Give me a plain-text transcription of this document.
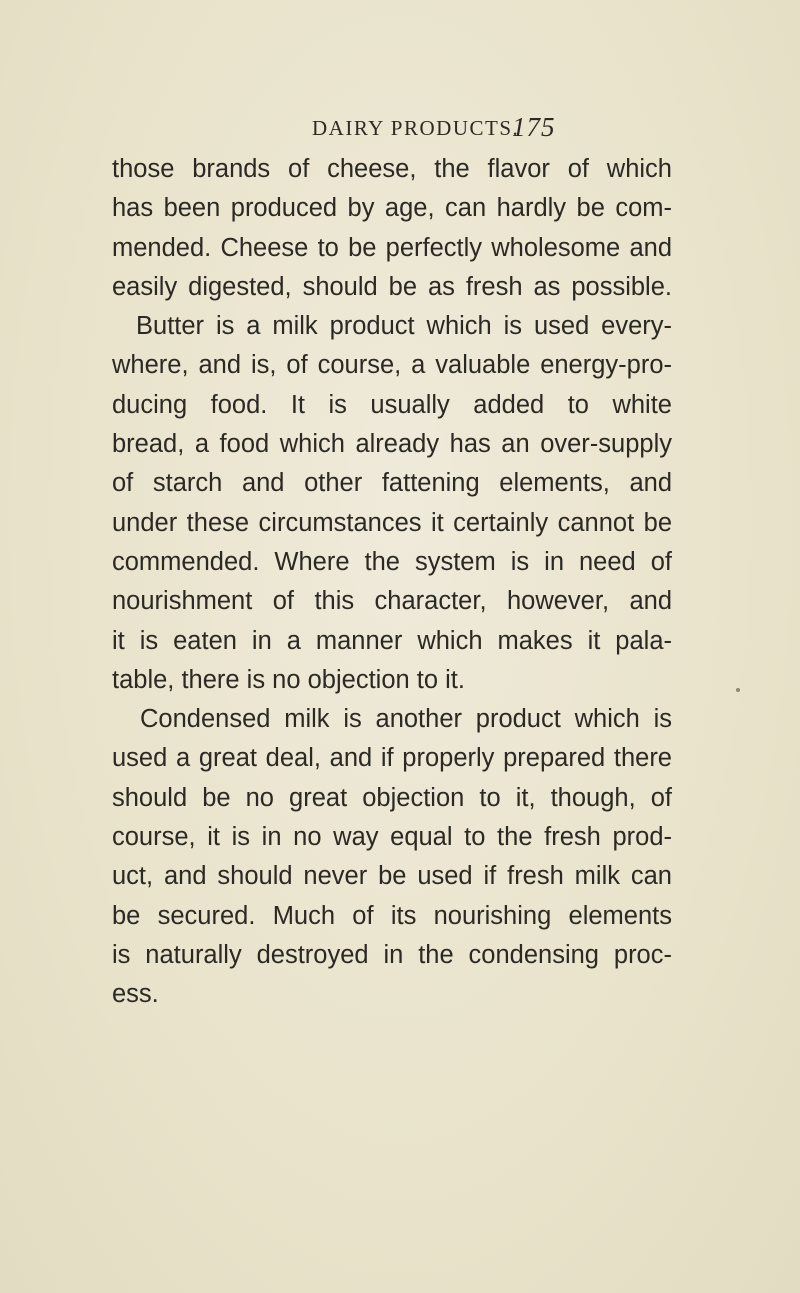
DAIRY PRODUCTS.
175
those brands of cheese, the flavor of which
has been produced by age, can hardly be com-
mended. Cheese to be perfectly wholesome and
easily digested, should be as fresh as possible.
Butter is a milk product which is used every-
where, and is, of course, a valuable energy-pro-
ducing food. It is usually added to white
bread, a food which already has an over-supply
of starch and other fattening elements, and
under these circumstances it certainly cannot be
commended. Where the system is in need of
nourishment of this character, however, and
it is eaten in a manner which makes it pala-
table, there is no objection to it.
Condensed milk is another product which is
used a great deal, and if properly prepared there
should be no great objection to it, though, of
course, it is in no way equal to the fresh prod-
uct, and should never be used if fresh milk can
be secured. Much of its nourishing elements
is naturally destroyed in the condensing proc-
ess.
